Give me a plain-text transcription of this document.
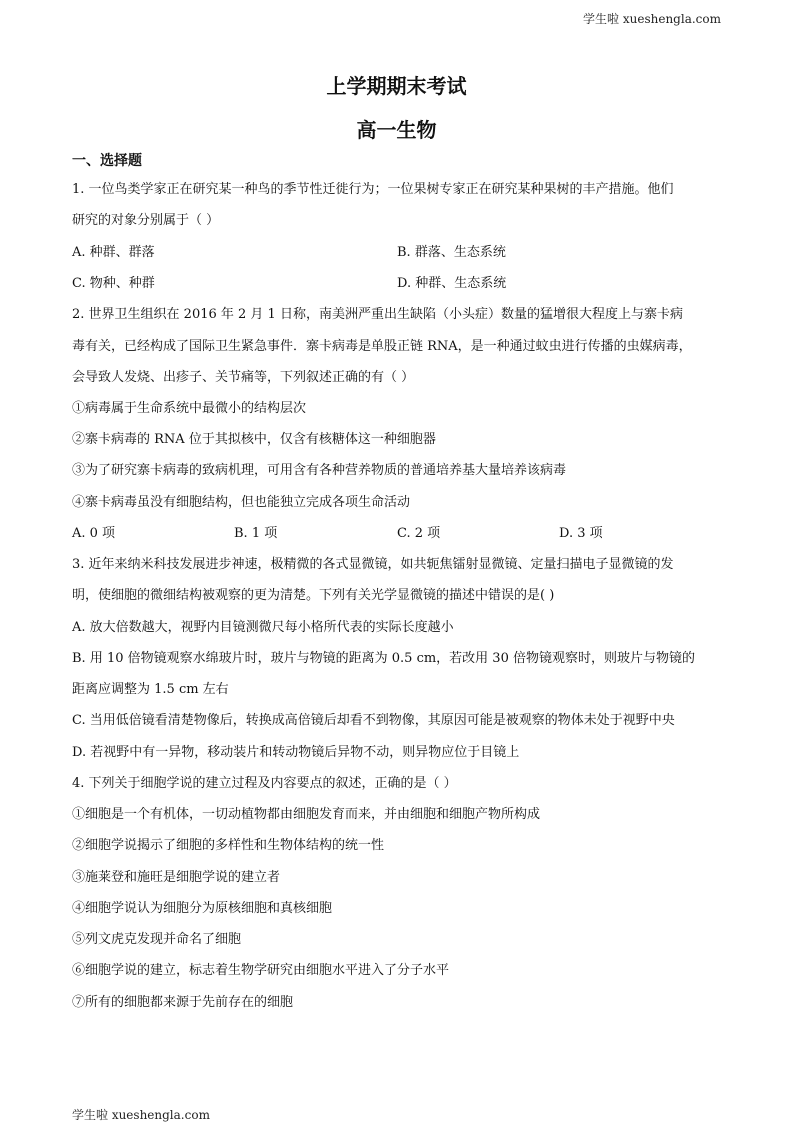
学生啦 xueshengla.com
上学期期末考试
高一生物
一、选择题
1. 一位鸟类学家正在研究某一种鸟的季节性迁徙行为；一位果树专家正在研究某种果树的丰产措施。他们
研究的对象分别属于（ ）
A. 种群、群落	B. 群落、生态系统
C. 物种、种群	D. 种群、生态系统
2. 世界卫生组织在 2016 年 2 月 1 日称，南美洲严重出生缺陷（小头症）数量的猛增很大程度上与寨卡病
毒有关，已经构成了国际卫生紧急事件．寨卡病毒是单股正链 RNA，是一种通过蚊虫进行传播的虫媒病毒，
会导致人发烧、出疹子、关节痛等，下列叙述正确的有（ ）
①病毒属于生命系统中最微小的结构层次
②寨卡病毒的 RNA 位于其拟核中，仅含有核糖体这一种细胞器
③为了研究寨卡病毒的致病机理，可用含有各种营养物质的普通培养基大量培养该病毒
④寨卡病毒虽没有细胞结构，但也能独立完成各项生命活动
A. 0 项	B. 1 项	C. 2 项	D. 3 项
3. 近年来纳米科技发展进步神速，极精微的各式显微镜，如共轭焦镭射显微镜、定量扫描电子显微镜的发
明，使细胞的微细结构被观察的更为清楚。下列有关光学显微镜的描述中错误的是( )
A. 放大倍数越大，视野内目镜测微尺每小格所代表的实际长度越小
B. 用 10 倍物镜观察水绵玻片时，玻片与物镜的距离为 0.5 cm，若改用 30 倍物镜观察时，则玻片与物镜的
距离应调整为 1.5 cm 左右
C. 当用低倍镜看清楚物像后，转换成高倍镜后却看不到物像，其原因可能是被观察的物体未处于视野中央
D. 若视野中有一异物，移动装片和转动物镜后异物不动，则异物应位于目镜上
4. 下列关于细胞学说的建立过程及内容要点的叙述，正确的是（ ）
①细胞是一个有机体，一切动植物都由细胞发育而来，并由细胞和细胞产物所构成
②细胞学说揭示了细胞的多样性和生物体结构的统一性
③施莱登和施旺是细胞学说的建立者
④细胞学说认为细胞分为原核细胞和真核细胞
⑤列文虎克发现并命名了细胞
⑥细胞学说的建立，标志着生物学研究由细胞水平进入了分子水平
⑦所有的细胞都来源于先前存在的细胞
学生啦 xueshengla.com
